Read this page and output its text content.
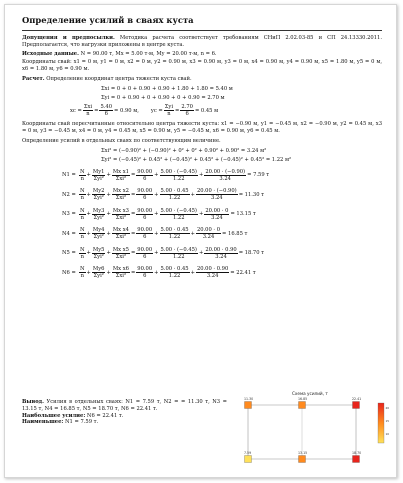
Определение усилий в сваях куста
Допущения и предпосылки. Методика расчета соответствует требованиям СНиП 2.02.03-85 и СП 24.13330.2011. Предполагается, что нагрузки приложены в центре куста.
Исходные данные. N = 90.00 т, Mx = 5.00 т·м, My = 20.00 т·м, n = 6.
Координаты свай: x1 = 0 м, y1 = 0 м, x2 = 0 м, y2 = 0.90 м, x3 = 0.90 м, y3 = 0 м, x4 = 0.90 м, y4 = 0.90 м, x5 = 1.80 м, y5 = 0 м, x6 = 1.80 м, y6 = 0.90 м.
Расчет. Определение координат центра тяжести куста свай.
Σxi = 0 + 0 + 0.90 + 0.90 + 1.80 + 1.80 = 5.40 м
Σyi = 0 + 0.90 + 0 + 0.90 + 0 + 0.90 = 2.70 м
xc = $\frac{\text{Σxi}}{n} = \frac{5.40}{6} = 0.90$ м, yc = $\frac{\text{Σyi}}{n} = \frac{2.70}{6} = 0.45$ м
Координаты свай пересчитанные относительно центра тяжести куста: x1 = −0.90 м, y1 = −0.45 м, x2 = −0.90 м, y2 = 0.45 м, x3 = 0 м, y3 = −0.45 м, x4 = 0 м, y4 = 0.45 м, x5 = 0.90 м, y5 = −0.45 м, x6 = 0.90 м, y6 = 0.45 м.
Определение усилий в отдельных сваях по соответствующим величине.
Σxi² = (−0.90)² + (−0.90)² + 0² + 0² + 0.90² + 0.90² = 3.24 м²
Σyi² = (−0.45)² + 0.45² + (−0.45)² + 0.45² + (−0.45)² + 0.45² = 1.22 м²
$N1 = \frac{N}{n} + \frac{My1}{\text{Σyi²}} + \frac{\text{Mx x1}}{\text{Σxi²}} = \frac{90.00}{6} + \frac{5.00 \cdot (-0.45)}{1.22} + \frac{20.00 \cdot (-0.90)}{3.24} = 7.59$ т
$N2 = \frac{N}{n} + \frac{My2}{\text{Σyi²}} + \frac{\text{Mx x2}}{\text{Σxi²}} = \frac{90.00}{6} + \frac{5.00 \cdot 0.45}{1.22} + \frac{20.00 \cdot (-0.90)}{3.24} = 11.30$ т
$N3 = \frac{N}{n} + \frac{My3}{\text{Σyi²}} + \frac{\text{Mx x3}}{\text{Σxi²}} = \frac{90.00}{6} + \frac{5.00 \cdot (-0.45)}{1.22} + \frac{20.00 \cdot 0}{3.24} = 13.15$ т
$N4 = \frac{N}{n} + \frac{My4}{\text{Σyi²}} + \frac{\text{Mx x4}}{\text{Σxi²}} = \frac{90.00}{6} + \frac{5.00 \cdot 0.45}{1.22} + \frac{20.00 \cdot 0}{3.24} = 16.85$ т
$N5 = \frac{N}{n} + \frac{My5}{\text{Σyi²}} + \frac{\text{Mx x5}}{\text{Σxi²}} = \frac{90.00}{6} + \frac{5.00 \cdot (-0.45)}{1.22} + \frac{20.00 \cdot 0.90}{3.24} = 18.70$ т
$N6 = \frac{N}{n} + \frac{My6}{\text{Σyi²}} + \frac{\text{Mx x6}}{\text{Σxi²}} = \frac{90.00}{6} + \frac{5.00 \cdot 0.45}{1.22} + \frac{20.00 \cdot 0.90}{3.24} = 22.41$ т
Вывод. Усилия в отдельных сваях: N1 = 7.59 т, N2 = = 11.30 т, N3 = 13.15 т, N4 = 16.85 т, N5 = 18.70 т, N6 = 22.41 т.
Наибольшее усилие: N6 = 22.41 т.
Наименьшее: N1 = 7.59 т.
Схема усилий, т
7.59
11.30
13.15
16.85
18.70
22.41
20
15
10
